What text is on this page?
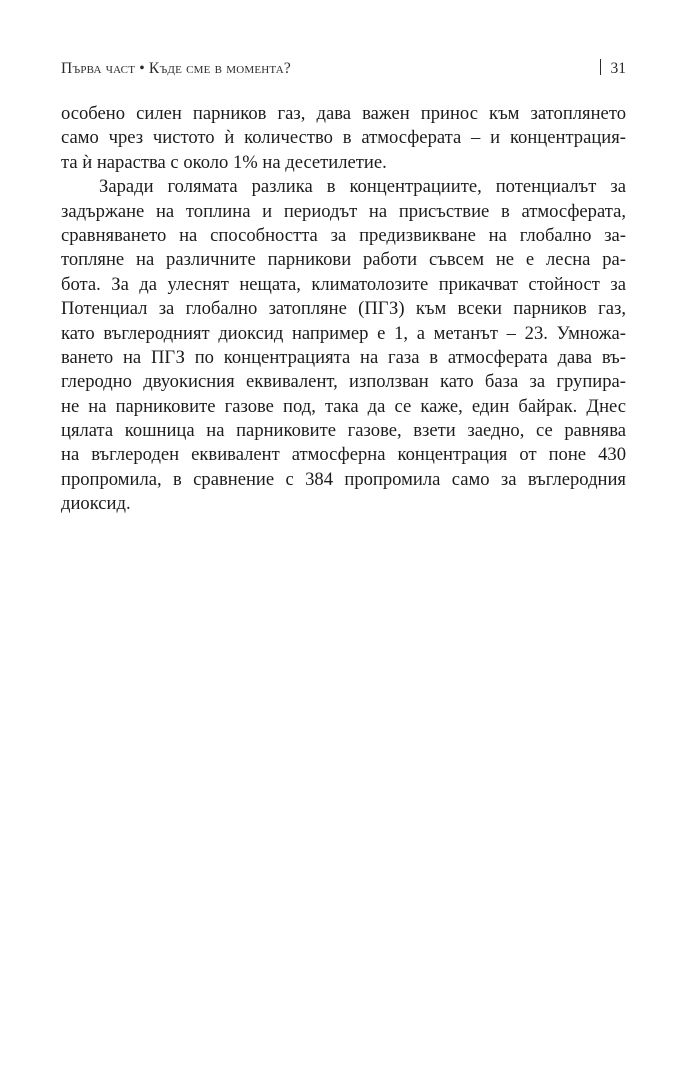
Първа част • Къде сме в момента?	31
особено силен парников газ, дава важен принос към затоплянето
само чрез чистото ѝ количество в атмосферата – и концентрация-
та ѝ нараства с около 1% на десетилетие.
Заради голямата разлика в концентрациите, потенциалът за
задържане на топлина и периодът на присъствие в атмосферата,
сравняването на способността за предизвикване на глобално за-
топляне на различните парникови работи съвсем не е лесна ра-
бота. За да улеснят нещата, климатолозите прикачват стойност за
Потенциал за глобално затопляне (ПГЗ) към всеки парников газ,
като въглеродният диоксид например е 1, а метанът – 23. Умножа-
ването на ПГЗ по концентрацията на газа в атмосферата дава въ-
глеродно двуокисния еквивалент, използван като база за групира-
не на парниковите газове под, така да се каже, един байрак. Днес
цялата кошница на парниковите газове, взети заедно, се равнява
на въглероден еквивалент атмосферна концентрация от поне 430
пропромила, в сравнение с 384 пропромила само за въглеродния
диоксид.
